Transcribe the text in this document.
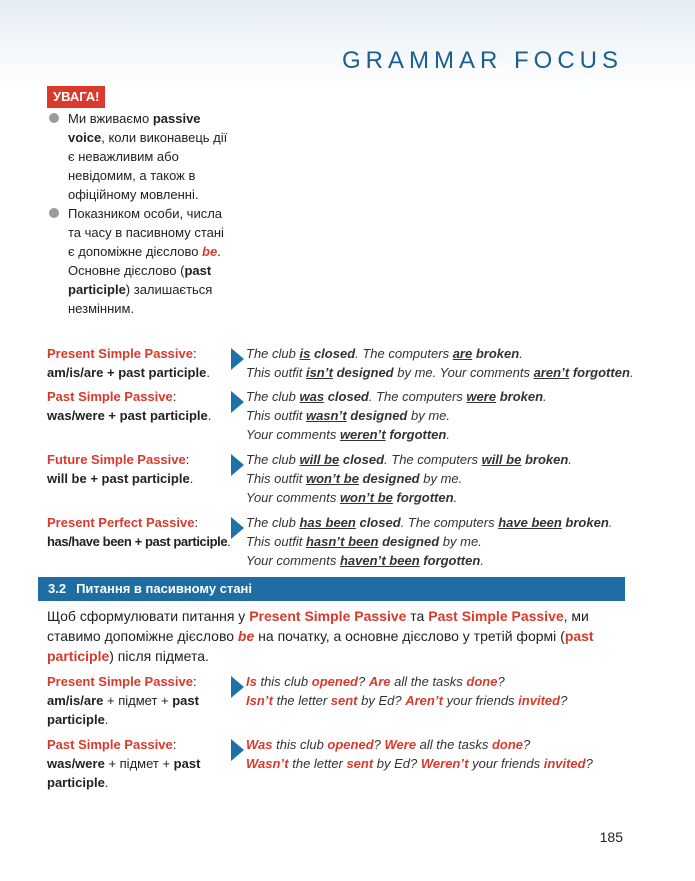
GRAMMAR FOCUS
УВАГА!
Ми вживаємо passive voice, коли виконавець дії є неважливим або невідомим, а також в офіційному мовленні.
Показником особи, числа та часу в пасивному стані є допоміжне дієслово be. Основне дієслово (past participle) залишається незмінним.
Present Simple Passive:
am/is/are + past participle.
The club is closed. The computers are broken.
This outfit isn’t designed by me. Your comments aren’t forgotten.
Past Simple Passive:
was/were + past participle.
The club was closed. The computers were broken.
This outfit wasn’t designed by me.
Your comments weren’t forgotten.
Future Simple Passive:
will be + past participle.
The club will be closed. The computers will be broken.
This outfit won’t be designed by me.
Your comments won’t be forgotten.
Present Perfect Passive:
has/have been + past participle.
The club has been closed. The computers have been broken.
This outfit hasn’t been designed by me.
Your comments haven’t been forgotten.
3.2 Питання в пасивному стані
Щоб сформулювати питання у Present Simple Passive та Past Simple Passive, ми ставимо допоміжне дієслово be на початку, а основне дієслово у третій формі (past participle) після підмета.
Present Simple Passive:
am/is/are + підмет + past participle.
Is this club opened? Are all the tasks done?
Isn’t the letter sent by Ed? Aren’t your friends invited?
Past Simple Passive:
was/were + підмет + past participle.
Was this club opened? Were all the tasks done?
Wasn’t the letter sent by Ed? Weren’t your friends invited?
185
